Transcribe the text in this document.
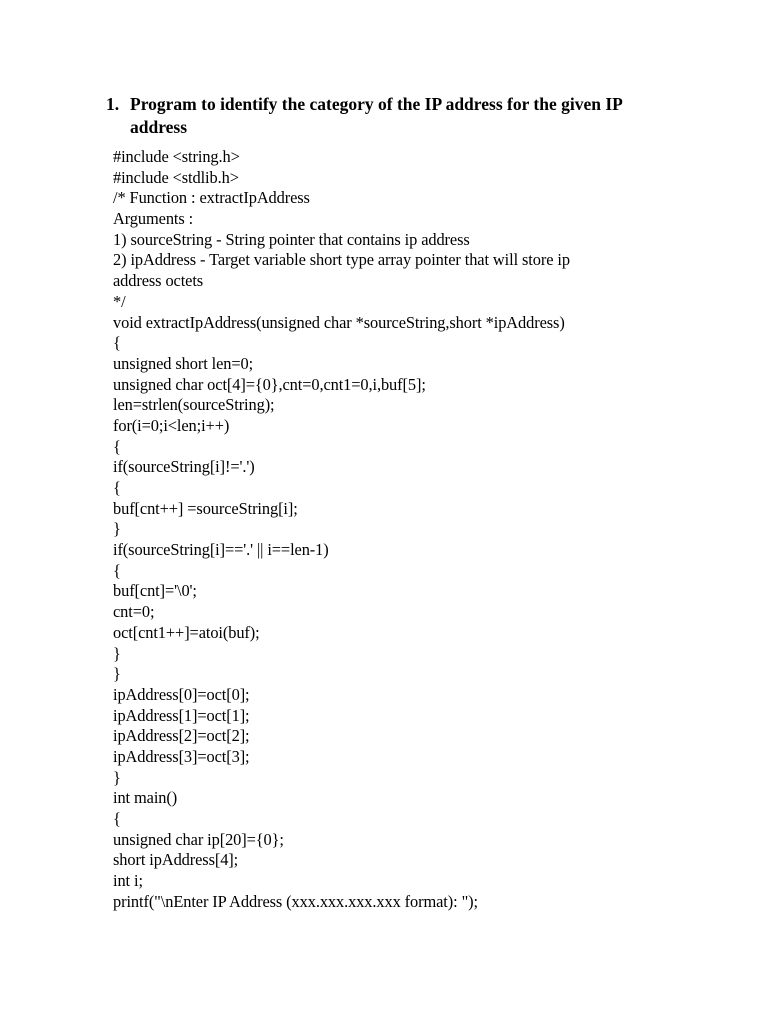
1. Program to identify the category of the IP address for the given IP address
#include <string.h>
#include <stdlib.h>
/* Function : extractIpAddress
Arguments :
1) sourceString - String pointer that contains ip address
2) ipAddress - Target variable short type array pointer that will store ip
address octets
*/
void extractIpAddress(unsigned char *sourceString,short *ipAddress)
{
unsigned short len=0;
unsigned char oct[4]={0},cnt=0,cnt1=0,i,buf[5];
len=strlen(sourceString);
for(i=0;i<len;i++)
{
if(sourceString[i]!='.')
{
buf[cnt++] =sourceString[i];
}
if(sourceString[i]=='.' || i==len-1)
{
buf[cnt]='\0';
cnt=0;
oct[cnt1++]=atoi(buf);
}
}
ipAddress[0]=oct[0];
ipAddress[1]=oct[1];
ipAddress[2]=oct[2];
ipAddress[3]=oct[3];
}
int main()
{
unsigned char ip[20]={0};
short ipAddress[4];
int i;
printf("\nEnter IP Address (xxx.xxx.xxx.xxx format): ");
